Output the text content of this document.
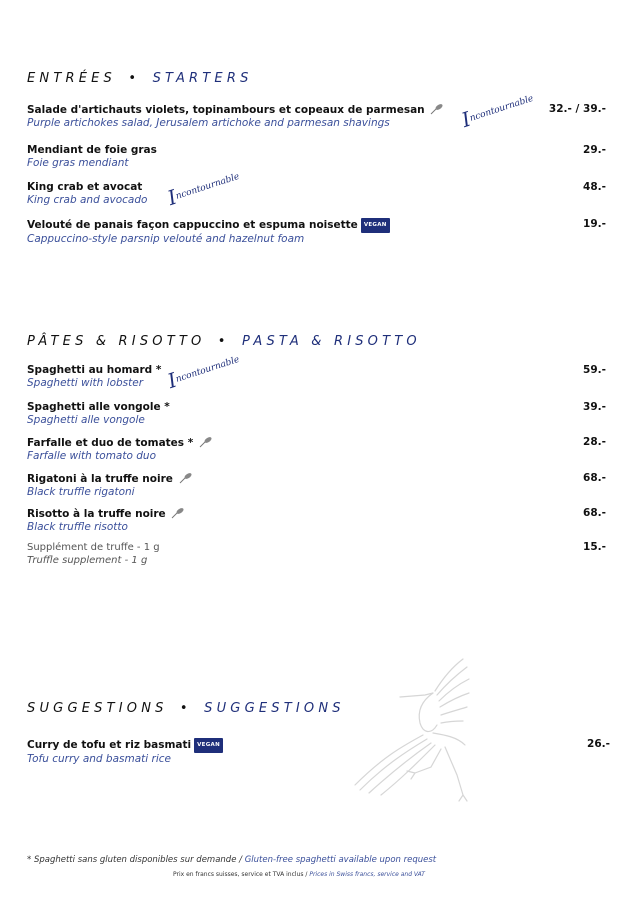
ENTRÉES • STARTERS
Salade d'artichauts violets, topinambours et copeaux de parmesan
Purple artichokes salad, Jerusalem artichoke and parmesan shavings
32.- / 39.-
Incontournable
Mendiant de foie gras
Foie gras mendiant
29.-
King crab et avocat
King crab and avocado
48.-
Incontournable
Velouté de panais façon cappuccino et espuma noisette VEGAN
Cappuccino-style parsnip velouté and hazelnut foam
19.-
PÂTES & RISOTTO • PASTA & RISOTTO
Spaghetti au homard *
Spaghetti with lobster
59.-
Incontournable
Spaghetti alle vongole *
Spaghetti alle vongole
39.-
Farfalle et duo de tomates *
Farfalle with tomato duo
28.-
Rigatoni à la truffe noire
Black truffle rigatoni
68.-
Risotto à la truffe noire
Black truffle risotto
68.-
Supplément de truffe - 1 g
Truffle supplement - 1 g
15.-
SUGGESTIONS • SUGGESTIONS
Curry de tofu et riz basmati VEGAN
Tofu curry and basmati rice
26.-
* Spaghetti sans gluten disponibles sur demande / Gluten-free spaghetti available upon request
Prix en francs suisses, service et TVA inclus / Prices in Swiss francs, service and VAT
